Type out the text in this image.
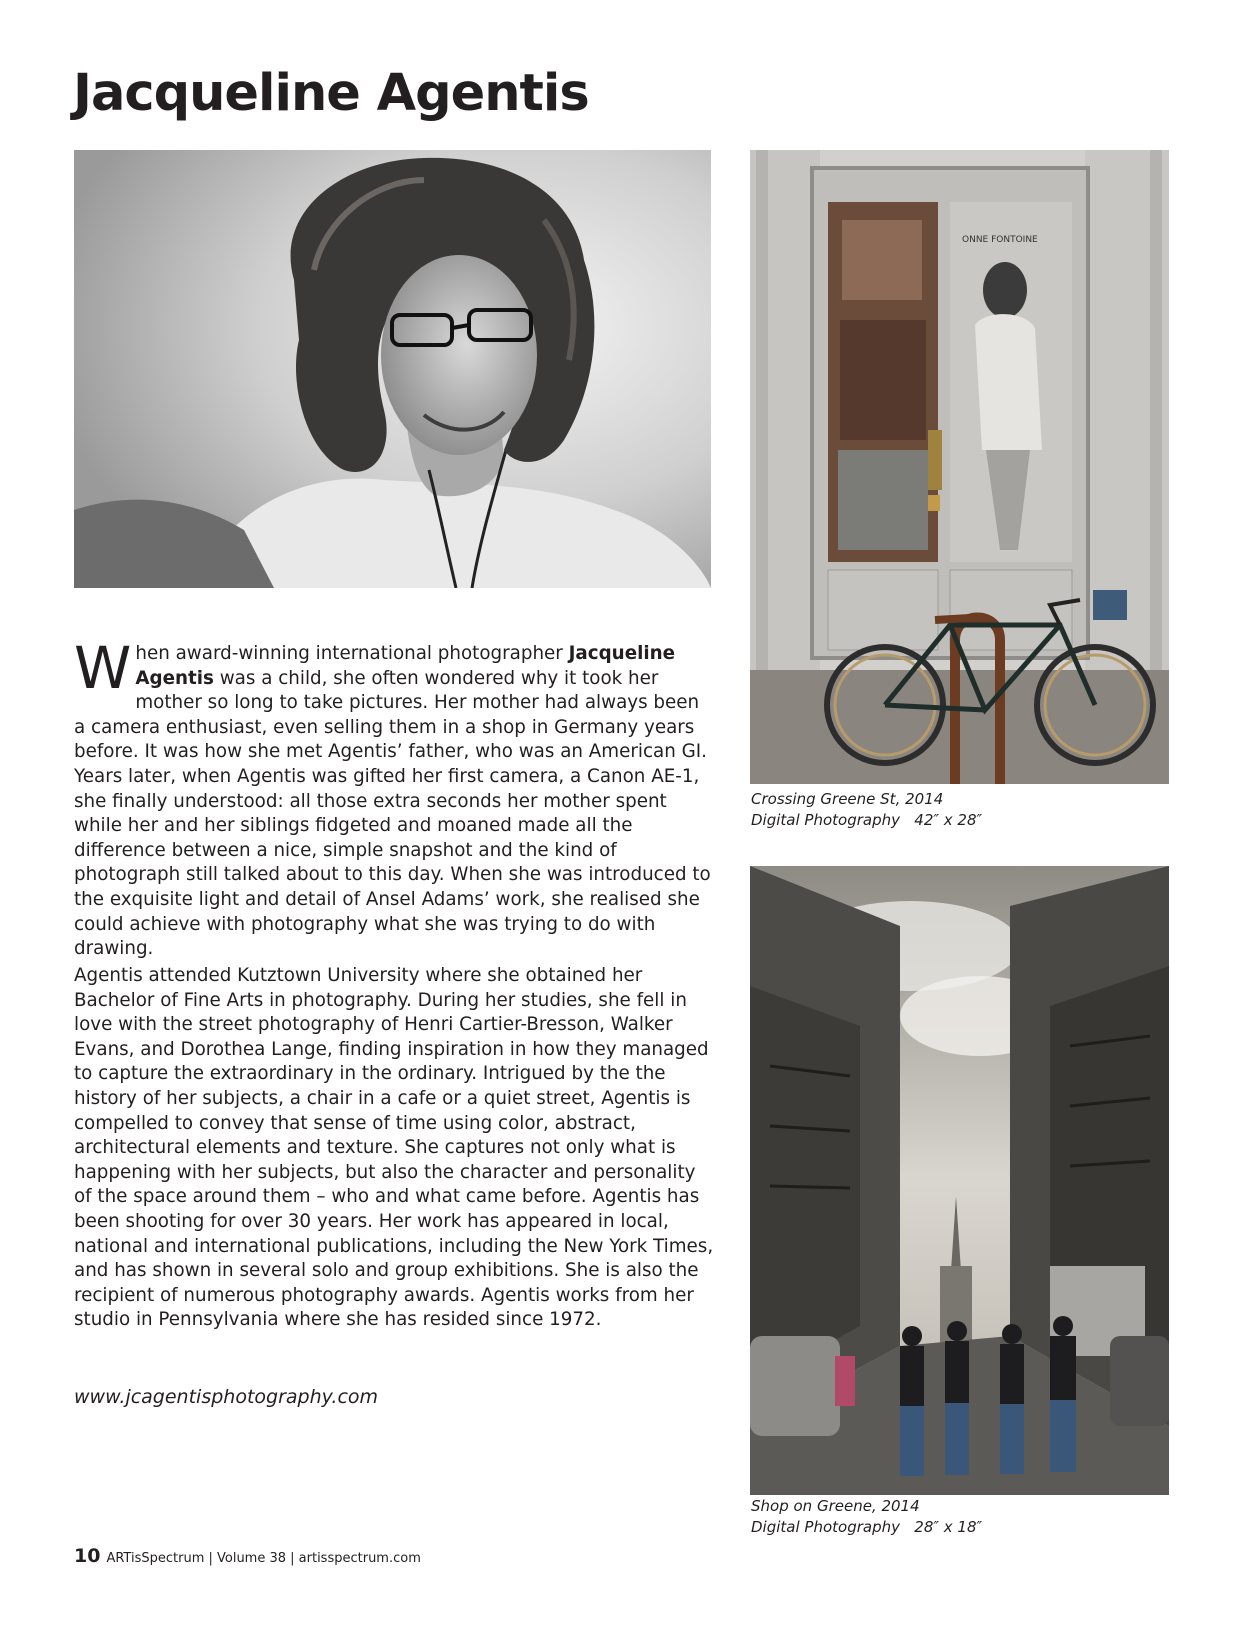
Jacqueline Agentis
ONNE FONTOINE
Crossing Greene St, 2014
Digital Photography   42″ x 28″
Shop on Greene, 2014
Digital Photography   28″ x 18″

When award-winning international photographer Jacqueline Agentis was a child, she often wondered why it took her mother so long to take pictures. Her mother had always been a camera enthusiast, even selling them in a shop in Germany years before. It was how she met Agentis’ father, who was an American GI. Years later, when Agentis was gifted her first camera, a Canon AE-1, she finally understood: all those extra seconds her mother spent while her and her siblings fidgeted and moaned made all the difference between a nice, simple snapshot and the kind of photograph still talked about to this day. When she was introduced to the exquisite light and detail of Ansel Adams’ work, she realised she could achieve with photography what she was trying to do with drawing.

Agentis attended Kutztown University where she obtained her Bachelor of Fine Arts in photography. During her studies, she fell in love with the street photography of Henri Cartier-Bresson, Walker Evans, and Dorothea Lange, finding inspiration in how they managed to capture the extraordinary in the ordinary. Intrigued by the the history of her subjects, a chair in a cafe or a quiet street, Agentis is compelled to convey that sense of time using color, abstract, architectural elements and texture. She captures not only what is happening with her subjects, but also the character and personality of the space around them – who and what came before. Agentis has been shooting for over 30 years. Her work has appeared in local, national and international publications, including the New York Times, and has shown in several solo and group exhibitions. She is also the recipient of numerous photography awards. Agentis works from her studio in Pennsylvania where she has resided since 1972.

www.jcagentisphotography.com
10 ARTisSpectrum | Volume 38 | artisspectrum.com
